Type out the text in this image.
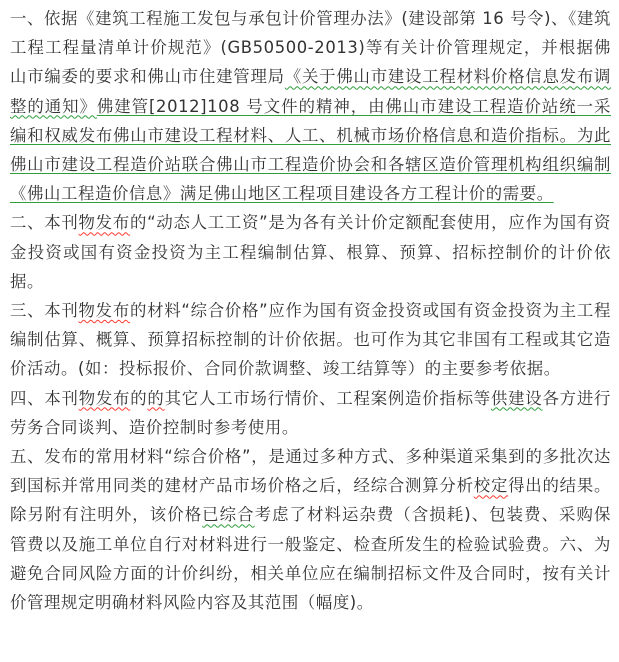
一、依据《建筑工程施工发包与承包计价管理办法》(建设部第 16 号令)、《建筑工程工程量清单计价规范》(GB50500-2013)等有关计价管理规定，并根据佛山市编委的要求和佛山市住建管理局《关于佛山市建设工程材料价格信息发布调整的通知》佛建管[2012]108 号文件的精神，由佛山市建设工程造价站统一采编和权威发布佛山市建设工程材料、人工、机械市场价格信息和造价指标。为此佛山市建设工程造价站联合佛山市工程造价协会和各辖区造价管理机构组织编制《佛山工程造价信息》满足佛山地区工程项目建设各方工程计价的需要。

二、本刊物发布的“动态人工工资”是为各有关计价定额配套使用，应作为国有资金投资或国有资金投资为主工程编制估算、根算、预算、招标控制价的计价依据。

三、本刊物发布的材料“综合价格”应作为国有资金投资或国有资金投资为主工程编制估算、概算、预算招标控制的计价依据。也可作为其它非国有工程或其它造价活动。(如：投标报价、合同价款调整、竣工结算等）的主要参考依据。

四、本刊物发布的的其它人工市场行情价、工程案例造价指标等供建设各方进行劳务合同谈判、造价控制时参考使用。

五、发布的常用材料“综合价格”，是通过多种方式、多种渠道采集到的多批次达到国标并常用同类的建材产品市场价格之后，经综合测算分析校定得出的结果。除另附有注明外，该价格已综合考虑了材料运杂费（含损耗)、包装费、采购保管费以及施工单位自行对材料进行一般鉴定、检查所发生的检验试验费。六、为避免合同风险方面的计价纠纷，相关单位应在编制招标文件及合同时，按有关计价管理规定明确材料风险内容及其范围（幅度)。
